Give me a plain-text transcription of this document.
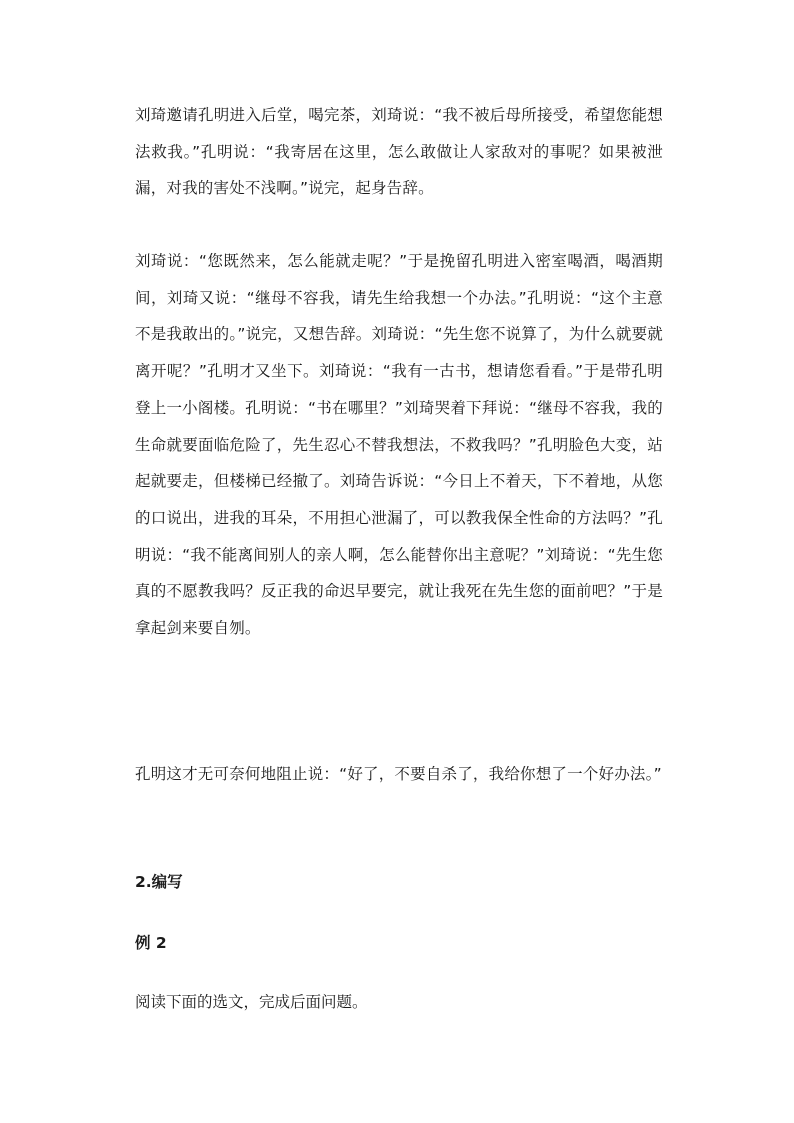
刘琦邀请孔明进入后堂，喝完茶，刘琦说：“我不被后母所接受，希望您能想法救我。”孔明说：“我寄居在这里，怎么敢做让人家敌对的事呢？如果被泄漏，对我的害处不浅啊。”说完，起身告辞。

刘琦说：“您既然来，怎么能就走呢？”于是挽留孔明进入密室喝酒，喝酒期间，刘琦又说：“继母不容我，请先生给我想一个办法。”孔明说：“这个主意不是我敢出的。”说完，又想告辞。刘琦说：“先生您不说算了，为什么就要就离开呢？”孔明才又坐下。刘琦说：“我有一古书，想请您看看。”于是带孔明登上一小阁楼。孔明说：“书在哪里？”刘琦哭着下拜说：“继母不容我，我的生命就要面临危险了，先生忍心不替我想法，不救我吗？”孔明脸色大变，站起就要走，但楼梯已经撤了。刘琦告诉说：“今日上不着天，下不着地，从您的口说出，进我的耳朵，不用担心泄漏了，可以教我保全性命的方法吗？”孔明说：“我不能离间别人的亲人啊，怎么能替你出主意呢？”刘琦说：“先生您真的不愿教我吗？反正我的命迟早要完，就让我死在先生您的面前吧？”于是拿起剑来要自刎。

孔明这才无可奈何地阻止说：“好了，不要自杀了，我给你想了一个好办法。”

2.编写

例 2

阅读下面的选文，完成后面问题。
